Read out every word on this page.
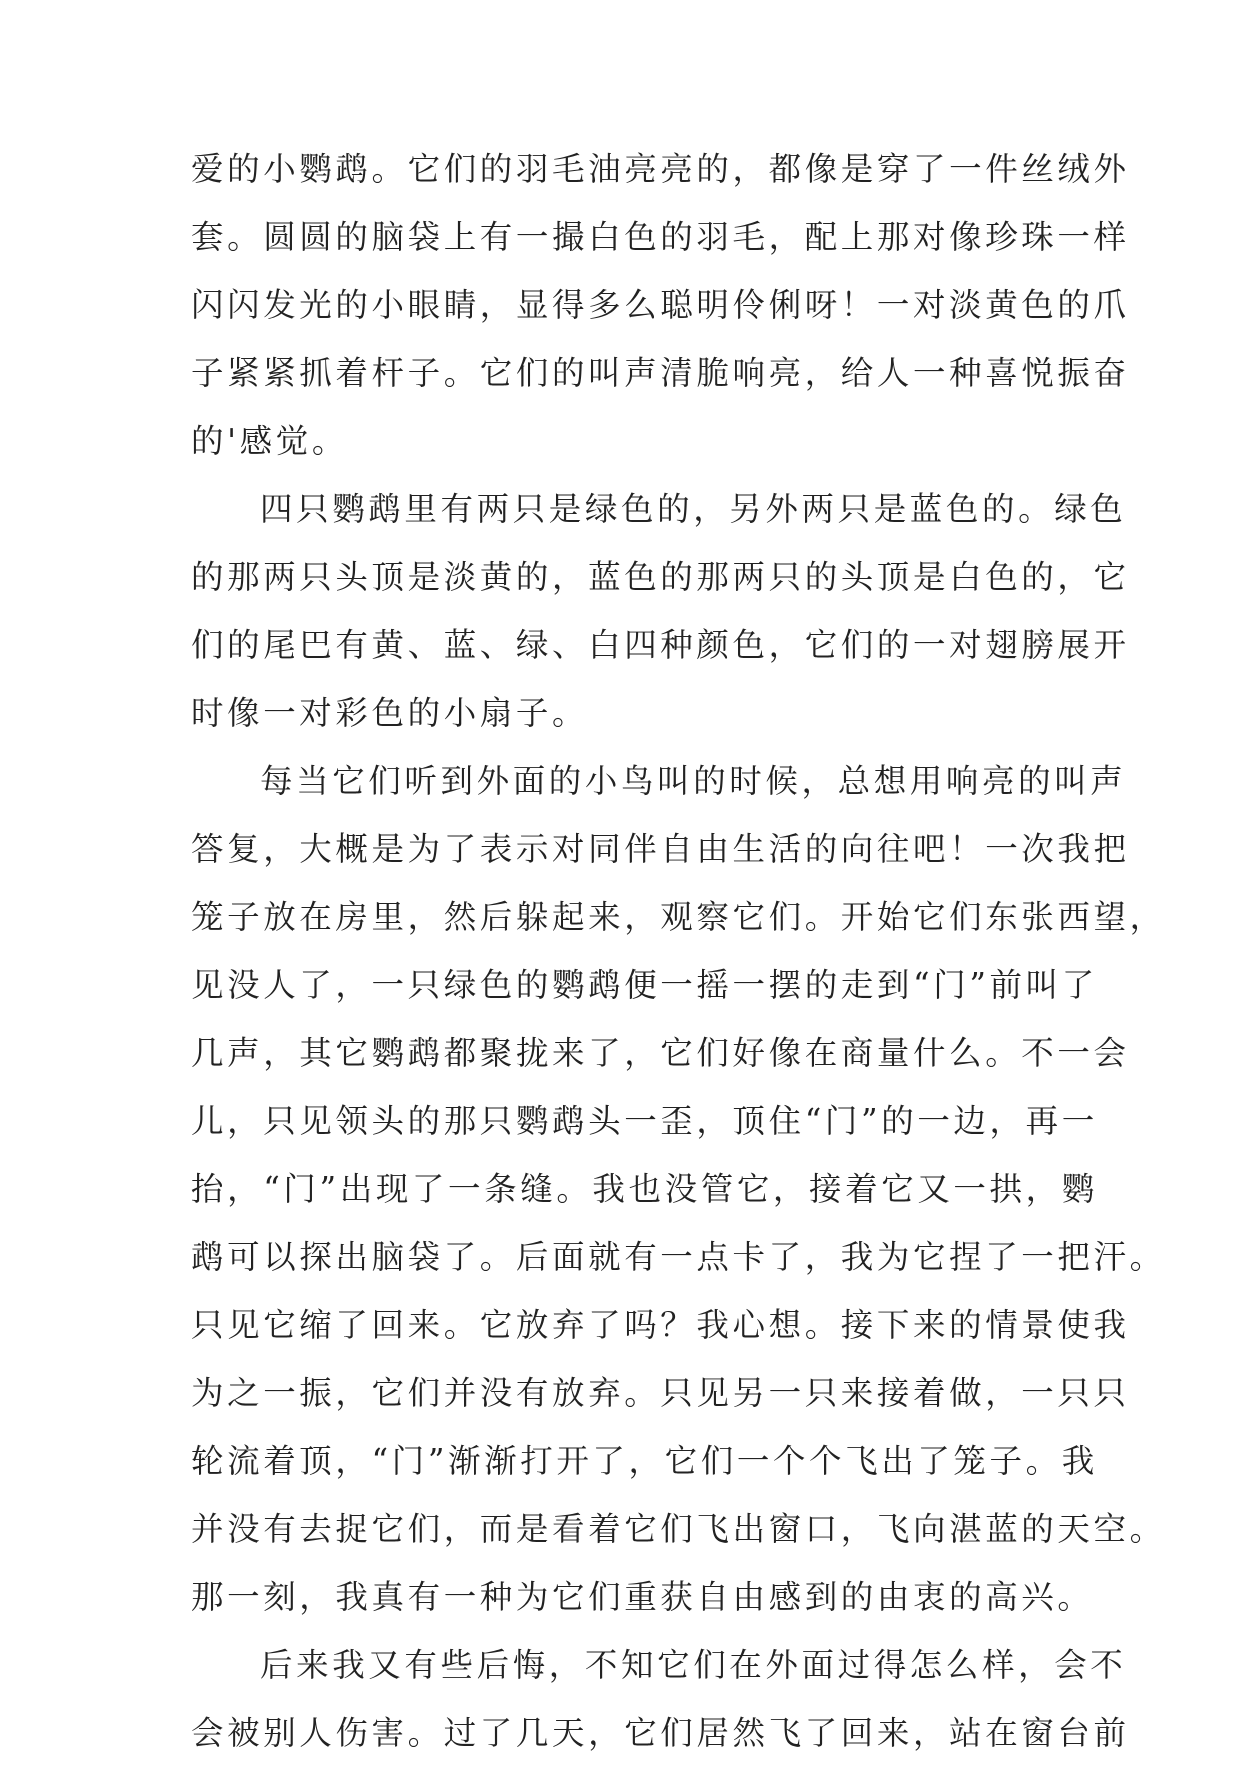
爱的小鹦鹉。它们的羽毛油亮亮的，都像是穿了一件丝绒外
套。圆圆的脑袋上有一撮白色的羽毛，配上那对像珍珠一样
闪闪发光的小眼睛，显得多么聪明伶俐呀！一对淡黄色的爪
子紧紧抓着杆子。它们的叫声清脆响亮，给人一种喜悦振奋
的'感觉。
四只鹦鹉里有两只是绿色的，另外两只是蓝色的。绿色
的那两只头顶是淡黄的，蓝色的那两只的头顶是白色的，它
们的尾巴有黄、蓝、绿、白四种颜色，它们的一对翅膀展开
时像一对彩色的小扇子。
每当它们听到外面的小鸟叫的时候，总想用响亮的叫声
答复，大概是为了表示对同伴自由生活的向往吧！一次我把
笼子放在房里，然后躲起来，观察它们。开始它们东张西望，
见没人了，一只绿色的鹦鹉便一摇一摆的走到“门”前叫了
几声，其它鹦鹉都聚拢来了，它们好像在商量什么。不一会
儿，只见领头的那只鹦鹉头一歪，顶住“门”的一边，再一
抬，“门”出现了一条缝。我也没管它，接着它又一拱，鹦
鹉可以探出脑袋了。后面就有一点卡了，我为它捏了一把汗。
只见它缩了回来。它放弃了吗？我心想。接下来的情景使我
为之一振，它们并没有放弃。只见另一只来接着做，一只只
轮流着顶，“门”渐渐打开了，它们一个个飞出了笼子。我
并没有去捉它们，而是看着它们飞出窗口，飞向湛蓝的天空。
那一刻，我真有一种为它们重获自由感到的由衷的高兴。
后来我又有些后悔，不知它们在外面过得怎么样，会不
会被别人伤害。过了几天，它们居然飞了回来，站在窗台前
